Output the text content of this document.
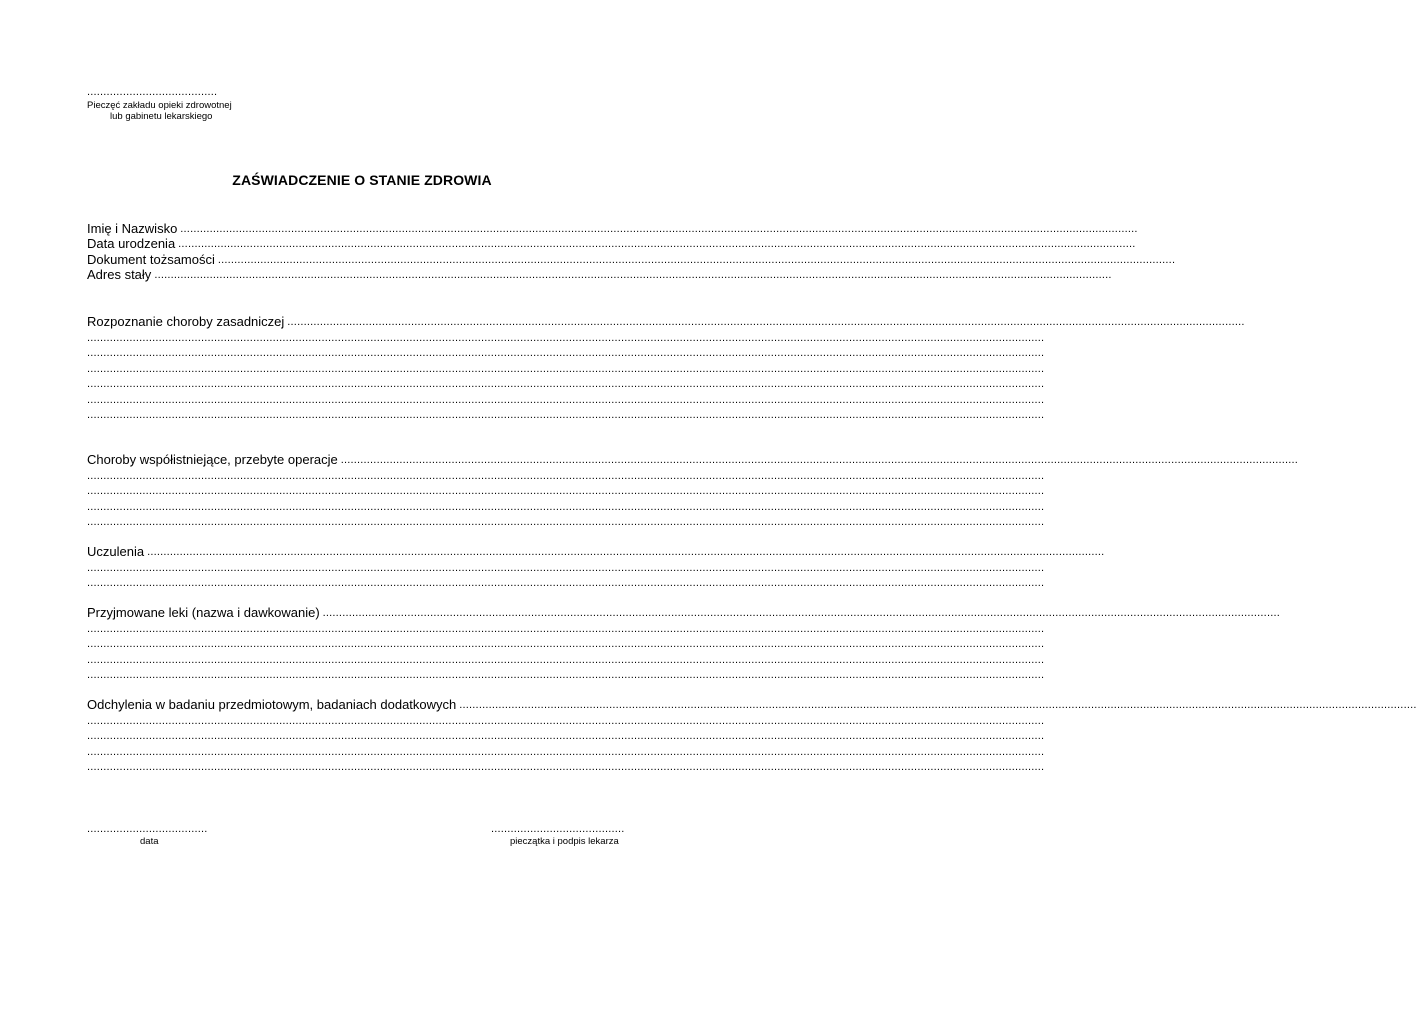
........................................
Pieczęć zakładu opieki zdrowotnej
lub gabinetu lekarskiego
ZAŚWIADCZENIE O STANIE ZDROWIA
Imię i Nazwisko ......................................................................................................................................................................................................................................................................................................
Data urodzenia ......................................................................................................................................................................................................................................................................................................
Dokument tożsamości ......................................................................................................................................................................................................................................................................................................
Adres stały ......................................................................................................................................................................................................................................................................................................
Rozpoznanie choroby zasadniczej ......................................................................................................................................................................................................................................................................................................
......................................................................................................................................................................................................................................................................................................
......................................................................................................................................................................................................................................................................................................
......................................................................................................................................................................................................................................................................................................
......................................................................................................................................................................................................................................................................................................
......................................................................................................................................................................................................................................................................................................
......................................................................................................................................................................................................................................................................................................
Choroby współistniejące, przebyte operacje ......................................................................................................................................................................................................................................................................................................
......................................................................................................................................................................................................................................................................................................
......................................................................................................................................................................................................................................................................................................
......................................................................................................................................................................................................................................................................................................
......................................................................................................................................................................................................................................................................................................
Uczulenia ......................................................................................................................................................................................................................................................................................................
......................................................................................................................................................................................................................................................................................................
......................................................................................................................................................................................................................................................................................................
Przyjmowane leki (nazwa i dawkowanie) ......................................................................................................................................................................................................................................................................................................
......................................................................................................................................................................................................................................................................................................
......................................................................................................................................................................................................................................................................................................
......................................................................................................................................................................................................................................................................................................
......................................................................................................................................................................................................................................................................................................
Odchylenia w badaniu przedmiotowym, badaniach dodatkowych ......................................................................................................................................................................................................................................................................................................
......................................................................................................................................................................................................................................................................................................
......................................................................................................................................................................................................................................................................................................
......................................................................................................................................................................................................................................................................................................
......................................................................................................................................................................................................................................................................................................
.....................................
data
.........................................
pieczątka i podpis lekarza
